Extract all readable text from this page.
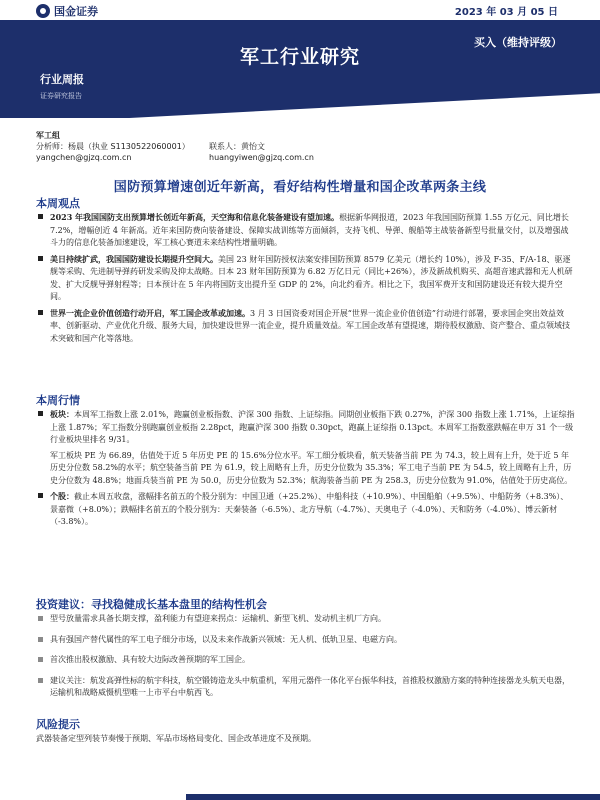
国金证券	2023 年 03 月 05 日
买入（维持评级）
军工行业研究
行业周报
证券研究报告
军工组
分析师：杨晨（执业 S1130522060001）	联系人：黄怡文
yangchen@gjzq.com.cn	huangyiwen@gjzq.com.cn
国防预算增速创近年新高，看好结构性增量和国企改革两条主线
本周观点

2023 年我国国防支出预算增长创近年新高，天空海和信息化装备建设有望加速。根据新华网报道，2023 年我国国防预算 1.55 万亿元、同比增长 7.2%，增幅创近 4 年新高。近年来国防费向装备建设、保障实战训练等方面倾斜，支持飞机、导弹、舰船等主战装备新型号批量交付，以及增强战斗力的信息化装备加速建设，军工核心赛道未来结构性增量明确。

美日持续扩武，我国国防建设长期提升空间大。美国 23 财年国防授权法案安排国防预算 8579 亿美元（增长约 10%），涉及 F-35、F/A-18、驱逐舰等采购、先进制导弹药研发采购及抑太战略。日本 23 财年国防预算为 6.82 万亿日元（同比+26%），涉及新战机购买、高超音速武器和无人机研发、扩大反舰导弹射程等；日本预计在 5 年内将国防支出提升至 GDP 的 2%，向北约看齐。相比之下，我国军费开支和国防建设还有较大提升空间。

世界一流企业价值创造行动开启，军工国企改革或加速。3 月 3 日国资委对国企开展“世界一流企业价值创造”行动进行部署，要求国企突出效益效率、创新驱动、产业优化升级、服务大局，加快建设世界一流企业，提升质量效益。军工国企改革有望提速，期待股权激励、资产整合、重点领域技术突破和国产化等落地。

本周行情

板块：本周军工指数上涨 2.01%，跑赢创业板指数、沪深 300 指数、上证综指。同期创业板指下跌 0.27%，沪深 300 指数上涨 1.71%，上证综指上涨 1.87%；军工指数分别跑赢创业板指 2.28pct，跑赢沪深 300 指数 0.30pct，跑赢上证综指 0.13pct。本周军工指数涨跌幅在申万 31 个一级行业板块里排名 9/31。

军工板块 PE 为 66.89，估值处于近 5 年历史 PE 的 15.6%分位水平。军工细分板块看，航天装备当前 PE 为 74.3，较上周有上升，处于近 5 年历史分位数 58.2%的水平；航空装备当前 PE 为 61.9，较上周略有上升，历史分位数为 35.3%；军工电子当前 PE 为 54.5，较上周略有上升，历史分位数为 48.8%；地面兵装当前 PE 为 50.0，历史分位数为 52.3%；航海装备当前 PE 为 258.3，历史分位数为 91.0%，估值处于历史高位。

个股：截止本周五收盘，涨幅排名前五的个股分别为：中国卫通（+25.2%）、中船科技（+10.9%）、中国船舶（+9.5%）、中船防务（+8.3%）、景嘉微（+8.0%）；跌幅排名前五的个股分别为：天秦装备（-6.5%）、北方导航（-4.7%）、天奥电子（-4.0%）、天和防务（-4.0%）、博云新材（-3.8%）。

投资建议：寻找稳健成长基本盘里的结构性机会

型号放量需求具备长期支撑，盈利能力有望迎来拐点：运输机、新型飞机、发动机主机厂方向。

具有强国产替代属性的军工电子细分市场，以及未来作战新兴领域：无人机、低轨卫星、电磁方向。

首次推出股权激励、具有较大边际改善预期的军工国企。

建议关注：航发高弹性标的航宇科技，航空锻铸造龙头中航重机，军用元器件一体化平台振华科技，首推股权激励方案的特种连接器龙头航天电器，运输机和战略威慑机型唯一上市平台中航西飞。

风险提示

武器装备定型列装节奏慢于预期、军品市场格局变化、国企改革进度不及预期。
